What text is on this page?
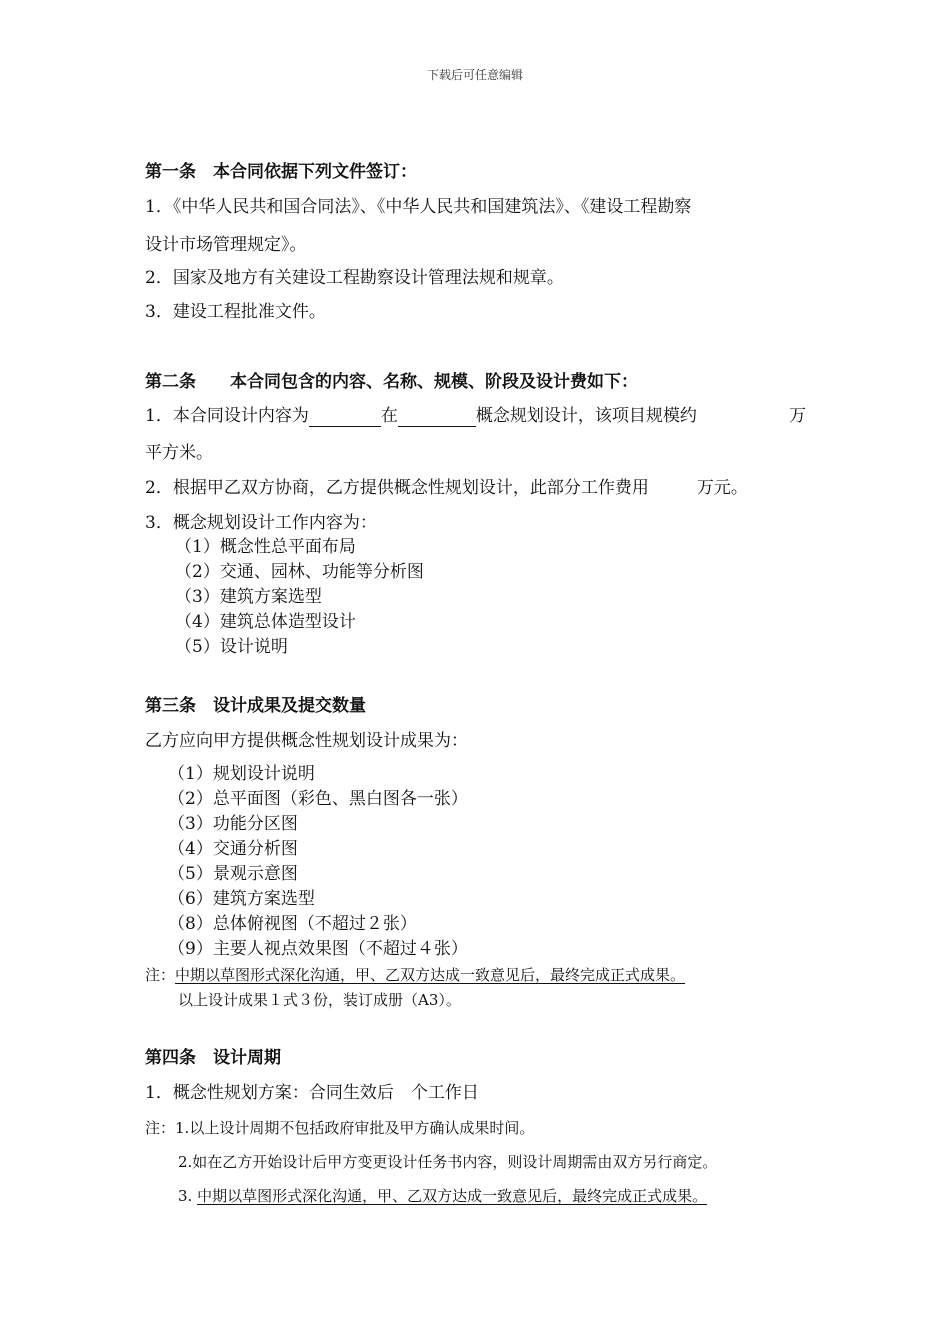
下载后可任意编辑
第一条　本合同依据下列文件签订：
1．《中华人民共和国合同法》、《中华人民共和国建筑法》、《建设工程勘察
设计市场管理规定》。
2．国家及地方有关建设工程勘察设计管理法规和规章。
3．建设工程批准文件。
第二条　　本合同包含的内容、名称、规模、阶段及设计费如下：
1．本合同设计内容为	在	概念规划设计，该项目规模约	万
平方米。
2．根据甲乙双方协商，乙方提供概念性规划设计，此部分工作费用	万元。
3．概念规划设计工作内容为：
（1）概念性总平面布局
（2）交通、园林、功能等分析图
（3）建筑方案选型
（4）建筑总体造型设计
（5）设计说明
第三条　设计成果及提交数量
乙方应向甲方提供概念性规划设计成果为：
（1）规划设计说明
（2）总平面图（彩色、黑白图各一张）
（3）功能分区图
（4）交通分析图
（5）景观示意图
（6）建筑方案选型
（8）总体俯视图（不超过２张）
（9）主要人视点效果图（不超过４张）
注：中期以草图形式深化沟通，甲、乙双方达成一致意见后，最终完成正式成果。
以上设计成果１式３份，装订成册（A3）。
第四条　设计周期
1．概念性规划方案：合同生效后　个工作日
注：1.以上设计周期不包括政府审批及甲方确认成果时间。
2.如在乙方开始设计后甲方变更设计任务书内容，则设计周期需由双方另行商定。
3. 中期以草图形式深化沟通，甲、乙双方达成一致意见后，最终完成正式成果。
